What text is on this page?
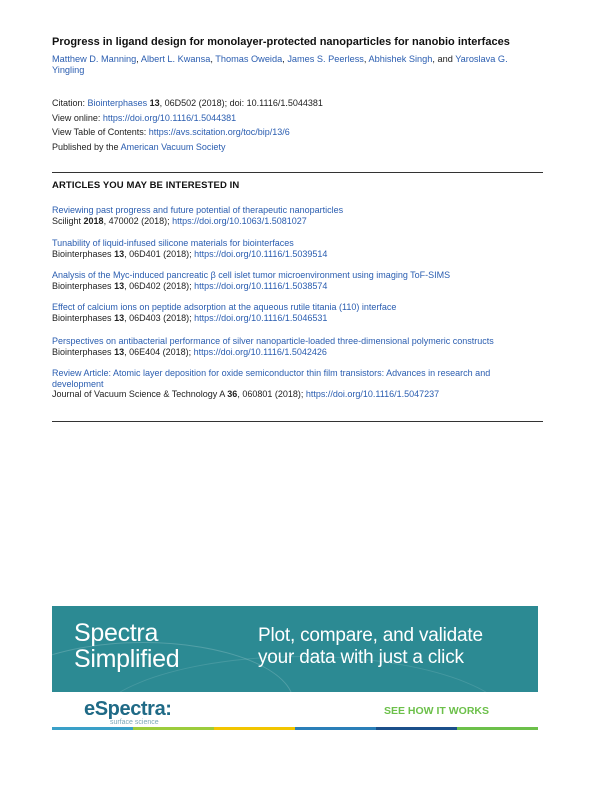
Progress in ligand design for monolayer-protected nanoparticles for nanobio interfaces
Matthew D. Manning, Albert L. Kwansa, Thomas Oweida, James S. Peerless, Abhishek Singh, and Yaroslava G.
Yingling
Citation: Biointerphases 13, 06D502 (2018); doi: 10.1116/1.5044381
View online: https://doi.org/10.1116/1.5044381
View Table of Contents: https://avs.scitation.org/toc/bip/13/6
Published by the American Vacuum Society
ARTICLES YOU MAY BE INTERESTED IN
Reviewing past progress and future potential of therapeutic nanoparticles
Scilight 2018, 470002 (2018); https://doi.org/10.1063/1.5081027
Tunability of liquid-infused silicone materials for biointerfaces
Biointerphases 13, 06D401 (2018); https://doi.org/10.1116/1.5039514
Analysis of the Myc-induced pancreatic β cell islet tumor microenvironment using imaging ToF-SIMS
Biointerphases 13, 06D402 (2018); https://doi.org/10.1116/1.5038574
Effect of calcium ions on peptide adsorption at the aqueous rutile titania (110) interface
Biointerphases 13, 06D403 (2018); https://doi.org/10.1116/1.5046531
Perspectives on antibacterial performance of silver nanoparticle-loaded three-dimensional polymeric constructs
Biointerphases 13, 06E404 (2018); https://doi.org/10.1116/1.5042426
Review Article: Atomic layer deposition for oxide semiconductor thin film transistors: Advances in research and development
Journal of Vacuum Science & Technology A 36, 060801 (2018); https://doi.org/10.1116/1.5047237
Spectra
Simplified
Plot, compare, and validate
your data with just a click
eSpectra:
surface science
SEE HOW IT WORKS
